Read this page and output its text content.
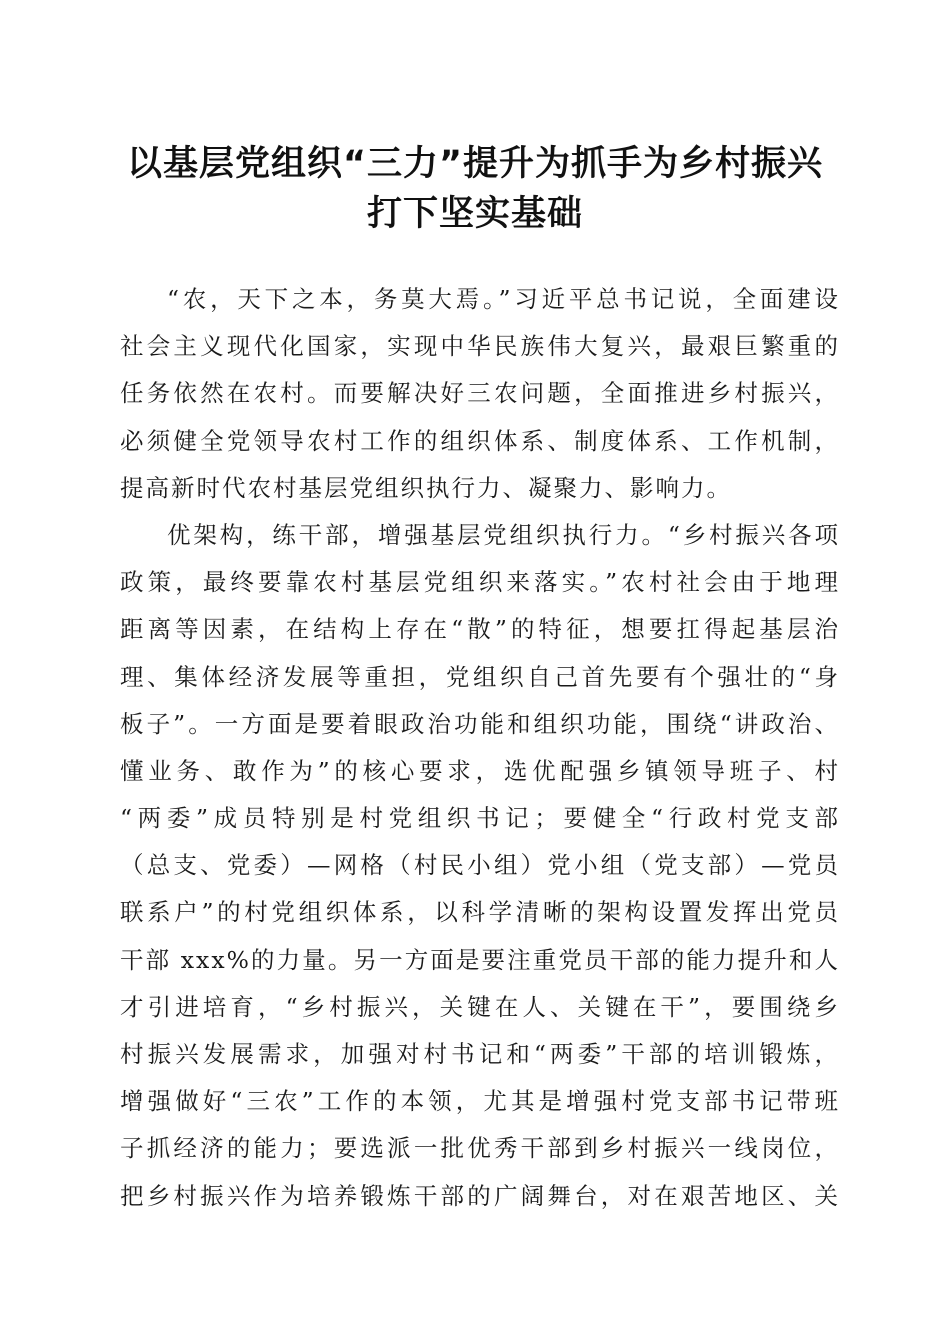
以基层党组织“三力”提升为抓手为乡村振兴
打下坚实基础
“农，天下之本，务莫大焉。”习近平总书记说，全面建设
社会主义现代化国家，实现中华民族伟大复兴，最艰巨繁重的
任务依然在农村。而要解决好三农问题，全面推进乡村振兴，
必须健全党领导农村工作的组织体系、制度体系、工作机制，
提高新时代农村基层党组织执行力、凝聚力、影响力。
优架构，练干部，增强基层党组织执行力。“乡村振兴各项
政策，最终要靠农村基层党组织来落实。”农村社会由于地理
距离等因素，在结构上存在“散”的特征，想要扛得起基层治
理、集体经济发展等重担，党组织自己首先要有个强壮的“身
板子”。一方面是要着眼政治功能和组织功能，围绕“讲政治、
懂业务、敢作为”的核心要求，选优配强乡镇领导班子、村
“两委”成员特别是村党组织书记；要健全“行政村党支部
（总支、党委）—网格（村民小组）党小组（党支部）—党员
联系户”的村党组织体系，以科学清晰的架构设置发挥出党员
干部 xxx%的力量。另一方面是要注重党员干部的能力提升和人
才引进培育，“乡村振兴，关键在人、关键在干”，要围绕乡
村振兴发展需求，加强对村书记和“两委”干部的培训锻炼，
增强做好“三农”工作的本领，尤其是增强村党支部书记带班
子抓经济的能力；要选派一批优秀干部到乡村振兴一线岗位，
把乡村振兴作为培养锻炼干部的广阔舞台，对在艰苦地区、关
